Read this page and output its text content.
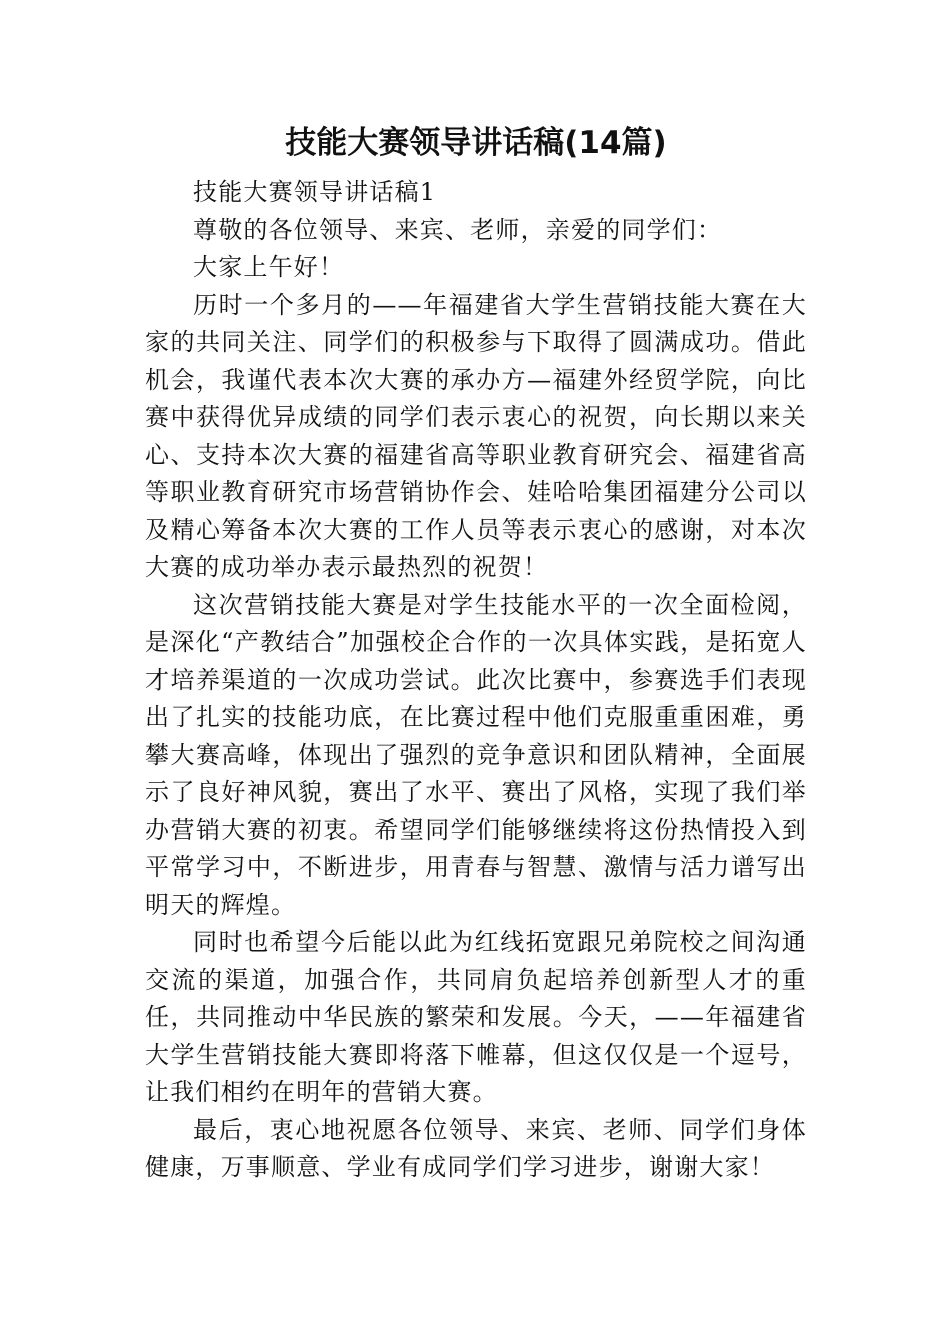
技能大赛领导讲话稿(14篇)

技能大赛领导讲话稿1

尊敬的各位领导、来宾、老师，亲爱的同学们：

大家上午好！

历时一个多月的——年福建省大学生营销技能大赛在大家的共同关注、同学们的积极参与下取得了圆满成功。借此机会，我谨代表本次大赛的承办方—福建外经贸学院，向比赛中获得优异成绩的同学们表示衷心的祝贺，向长期以来关心、支持本次大赛的福建省高等职业教育研究会、福建省高等职业教育研究市场营销协作会、娃哈哈集团福建分公司以及精心筹备本次大赛的工作人员等表示衷心的感谢，对本次大赛的成功举办表示最热烈的祝贺！

这次营销技能大赛是对学生技能水平的一次全面检阅，是深化“产教结合”加强校企合作的一次具体实践，是拓宽人才培养渠道的一次成功尝试。此次比赛中，参赛选手们表现出了扎实的技能功底，在比赛过程中他们克服重重困难，勇攀大赛高峰，体现出了强烈的竞争意识和团队精神，全面展示了良好神风貌，赛出了水平、赛出了风格，实现了我们举办营销大赛的初衷。希望同学们能够继续将这份热情投入到平常学习中，不断进步，用青春与智慧、激情与活力谱写出明天的辉煌。

同时也希望今后能以此为红线拓宽跟兄弟院校之间沟通交流的渠道，加强合作，共同肩负起培养创新型人才的重任，共同推动中华民族的繁荣和发展。今天，——年福建省大学生营销技能大赛即将落下帷幕，但这仅仅是一个逗号，让我们相约在明年的营销大赛。

最后，衷心地祝愿各位领导、来宾、老师、同学们身体健康，万事顺意、学业有成同学们学习进步，谢谢大家！
